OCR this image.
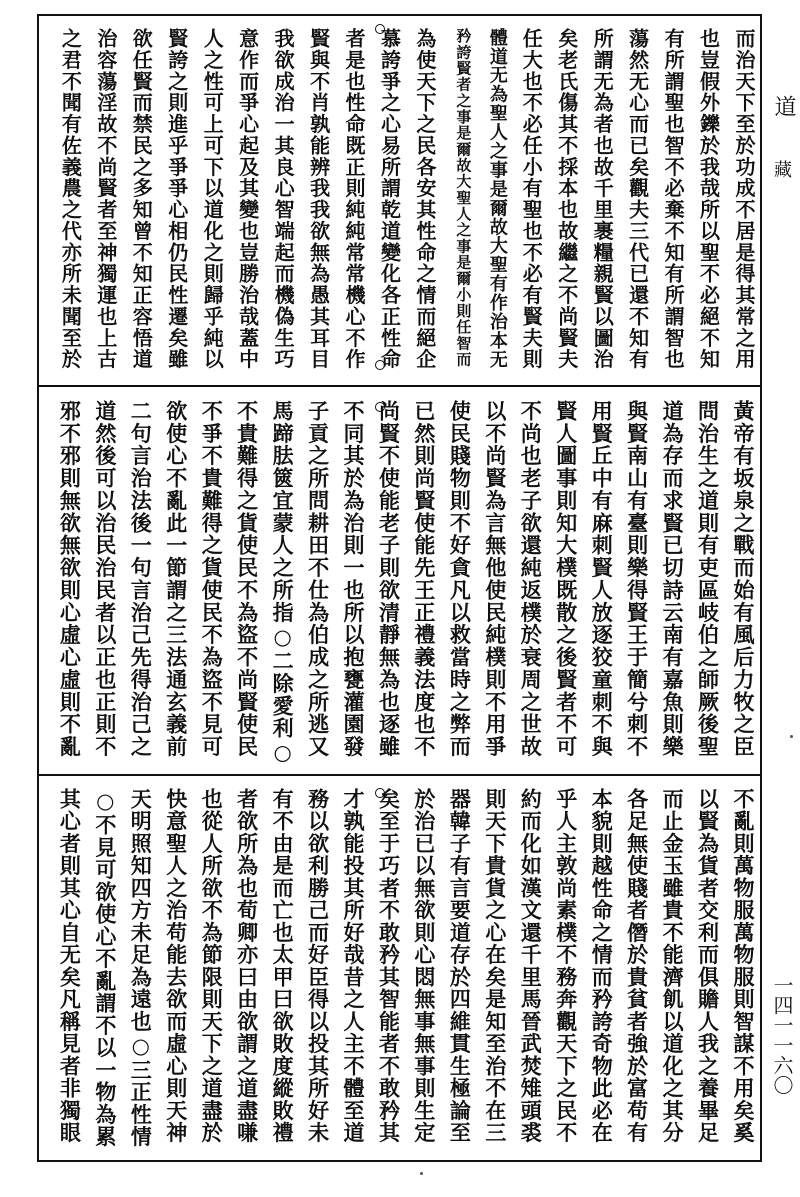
道
藏
一四一一六〇
而治天下至於功成不居是得其常之用
也豈假外鑠於我哉所以聖不必絕不知
有所謂聖也智不必棄不知有所謂智也
蕩然无心而已矣觀夫三代已還不知有
所謂无為者也故千里裹糧親賢以圖治
矣老氏傷其不採本也故繼之不尚賢夫
任大也不必任小有聖也不必有賢夫則
體道无為聖人之事是爾故大聖有作治本无
矜誇賢者之事是爾故大聖人之事是爾小則任智而
為使天下之民各安其性命之情而絕企
慕誇爭之心易所謂乾道變化各正性命
者是也性命既正則純純常常機心不作
賢與不肖孰能辨我我欲無為愚其耳目
我欲成治一其良心智端起而機偽生巧
意作而爭心起及其變也豈勝治哉蓋中
人之性可上可下以道化之則歸乎純以
賢誇之則進乎爭爭心相仍民性遷矣雖
欲任賢而禁民之多知曾不知正容悟道
治容蕩淫故不尚賢者至神獨運也上古
之君不聞有佐義農之代亦所未聞至於
黃帝有坂泉之戰而始有風后力牧之臣
問治生之道則有吏區岐伯之師厥後聖
道為存而求賢已切詩云南有嘉魚則樂
與賢南山有臺則樂得賢王于簡兮刺不
用賢丘中有麻刺賢人放逐狡童刺不與
賢人圖事則知大樸既散之後賢者不可
不尚也老子欲還純返樸於衰周之世故
以不尚賢為言無他使民純樸則不用爭
使民賤物則不好貪凡以救當時之弊而
已然則尚賢使能先王正禮義法度也不
尚賢不使能老子則欲清靜無為也逐雖
不同其於為治則一也所以抱甕灌園發
子貢之所問耕田不仕為伯成之所逃又
馬蹄胠篋宜蒙人之所指○二除愛利○
不貴難得之貨使民不為盜不尚賢使民
不爭不貴難得之貨使民不為盜不見可
欲使心不亂此一節謂之三法通玄義前
二句言治法後一句言治己先得治己之
道然後可以治民治民者以正也正則不
邪不邪則無欲無欲則心虛心虛則不亂
不亂則萬物服萬物服則智謀不用矣奚
以賢為貨者交利而俱贍人我之養畢足
而止金玉雖貴不能濟飢以道化之其分
各足無使賤者僭於貴貧者強於富苟有
本貌則越性命之情而矜誇奇物此必在
乎人主敦尚素樸不務奔觀天下之民不
約而化如漢文還千里馬晉武焚雉頭裘
則天下貴貨之心在矣是知至治不在三
器韓子有言要道存於四維貫生極論至
於治已以無欲則心悶無事無事則生定
矣至于巧者不敢矜其智能者不敢矜其
才孰能投其所好哉昔之人主不體至道
務以欲利勝己而好臣得以投其所好未
有不由是而亡也太甲曰欲敗度縱敗禮
者欲所為也荀卿亦曰由欲謂之道盡嗛
也從人所欲不為節限則天下之道盡於
快意聖人之治苟能去欲而虛心則天神
天明照知四方未足為遠也○三正性情
○不見可欲使心不亂謂不以一物為累
其心者則其心自无矣凡稱見者非獨眼
